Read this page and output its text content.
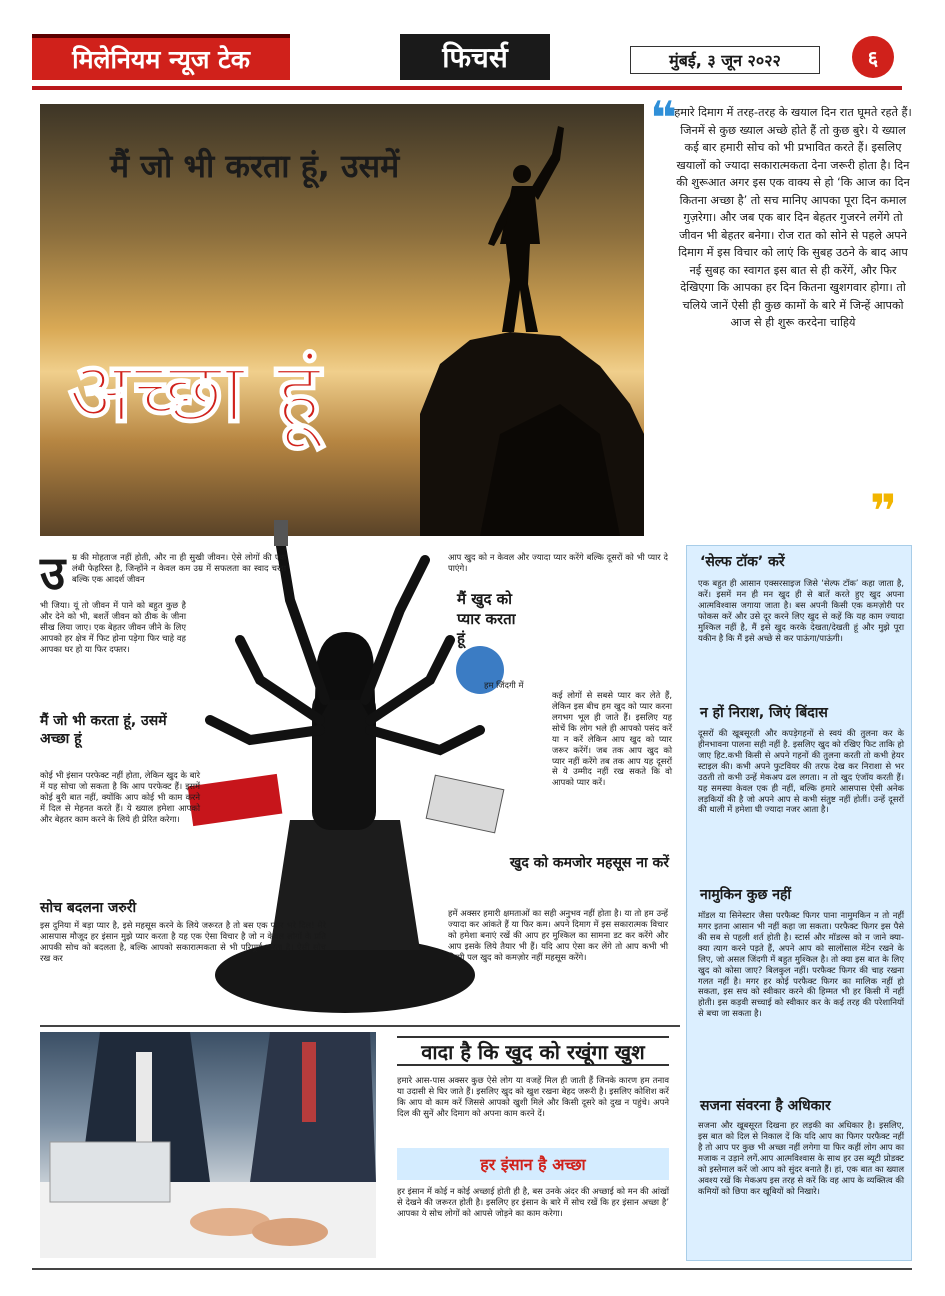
मिलेनियम न्यूज टेक	फिचर्स	मुंबई, ३ जून २०२२	६
मैं जो भी करता हूं, उसमें
अच्छा हूं
❝

हमारे दिमाग में तरह-तरह के खयाल दिन रात घूमते रहते हैं। जिनमें से कुछ ख्याल अच्छे होते हैं तो कुछ बुरे। ये ख्याल कई बार हमारी सोच को भी प्रभावित करते हैं। इसलिए खयालों को ज्यादा सकारात्मकता देना जरूरी होता है। दिन की शुरूआत अगर इस एक वाक्य से हो ‘कि आज का दिन कितना अच्छा है’ तो सच मानिए आपका पूरा दिन कमाल गुज़रेगा। और जब एक बार दिन बेहतर गुजरने लगेंगे तो जीवन भी बेहतर बनेगा। रोज रात को सोने से पहले अपने दिमाग में इस विचार को लाएं कि सुबह उठने के बाद आप नई सुबह का स्वागत इस बात से ही करेंगें, और फिर देखिएगा कि आपका हर दिन कितना खुशगवार होगा। तो चलिये जानें ऐसी ही कुछ कामों के बारे में जिन्हें आपको आज से ही शुरू करदेना चाहिये

❞
उ म्र की मोहताज नहीं होती, और ना ही सुखी जीवन। ऐसे लोगों की एक लंबी फेहरिस्त है, जिन्होंने न केवल कम उम्र में सफलता का स्वाद चखा बल्कि एक आदर्श जीवन

भी जिया। यूं तो जीवन में पाने को बहुत कुछ है और देने को भी, बशर्ते जीवन को ठीक के जीना सीख लिया जाए। एक बेहतर जीवन जीने के लिए आपको हर क्षेत्र में फिट होना पड़ेगा फिर चाहे वह आपका घर हो या फिर दफ्तर।

मैं जो भी करता हूं, उसमें अच्छा हूं

कोई भी इंसान परफेक्ट नहीं होता, लेकिन खुद के बारे में यह सोचा जो सकता है कि आप परफेक्ट हैं। इसमें कोई बुरी बात नहीं, क्योंकि आप कोई भी काम करने में दिल से मेहनत करते हैं। ये ख्याल हमेशा आपको और बेहतर काम करने के लिये ही प्रेरित करेगा।

सोच बदलना जरुरी

इस दुनिया में बड़ा प्यार है, इसे महसूस करने के लिये जरूरत है तो बस एक प्यार भरे दिल! मेरे आसपास मौजूद हर इंसान मुझे प्यार करता है यह एक ऐसा विचार है जो न केवल लोगों के प्रति आपकी सोच को बदलता है, बल्कि आपको सकारात्मकता से भी परिपूर्ण करता है। ऐसी सोच रख कर

आप खुद को न केवल और ज्यादा प्यार करेंगे बल्कि दूसरों को भी प्यार दे पाएंगे।

मैं खुद को प्यार करता हूं

हम जिंदगी में

कई लोगों से सबसे प्यार कर लेते हैं, लेकिन इस बीच हम खुद को प्यार करना लगभग भूल ही जाते हैं। इसलिए यह सोचें कि लोग भले ही आपको पसंद करें या न करें लेकिन आप खुद को प्यार जरूर करेंगें। जब तक आप खुद को प्यार नहीं करेंगे तब तक आप यह दूसरों से ये उम्मीद नहीं रख सकते कि वो आपको प्यार करें।

खुद को कमजोर महसूस ना करें

हमें अक्सर हमारी क्षमताओं का सही अनुभव नहीं होता है। या तो हम उन्हें ज्यादा कर आंकते हैं या फिर कम। अपने दिमाग में इस सकारात्मक विचार को हमेशा बनाएं रखें की आप हर मुश्किल का सामना डट कर करेंगे और आप इसके लिये तैयार भी हैं। यदि आप ऐसा कर लेंगे तो आप कभी भी किसी पल खुद को कमज़ोर नहीं महसूस करेंगे।

‘सेल्फ टॉक’ करें

एक बहुत ही आसान एक्सरसाइज जिसे ‘सेल्फ टॉक’ कहा जाता है, करें। इसमें मन ही मन खुद ही से बातें करते हुए खुद अपना आत्मविश्वास जगाया जाता है। बस अपनी किसी एक कमज़ोरी पर फोकस करें और उसे दूर करने लिए खुद से कहें कि यह काम ज्यादा मुश्किल नहीं है, मैं इसे खुद करके देखता/देखती हूं और मुझे पूरा यकीन है कि मैं इसे अच्छे से कर पाऊंगा/पाऊंगी।

न हों निराश, जिएं बिंदास

दूसरों की खूबसूरती और कपड़ेगहनों से स्वयं की तुलना कर के हीनभावना पालना सही नहीं है. इसलिए खुद को रखिए फिट ताकि हो जाए हिट.कभी किसी से अपने गहनों की तुलना करती तो कभी हेयर स्टाइल की। कभी अपने फुटवियर की तरफ देख कर निराशा से भर उठती तो कभी उन्हें मेकअप ढल लगता। न तो खुद एंजॉय करती हैं। यह समस्या केवल एक ही नहीं, बल्कि हमारे आसपास ऐसी अनेक लड़कियों की है जो अपने आप से कभी संतुष्ट नहीं होतीं। उन्हें दूसरों की थाली में हमेशा घी ज्यादा नजर आता है।

नामुकिन कुछ नहीं

मॉडल या सिनेस्टार जैसा परफैक्ट फिगर पाना नामुमकिन न तो नहीं मगर इतना आसान भी नहीं कहा जा सकता। परफैक्ट फिगर इस पैसे की सब से पहली शर्त होती है। स्टार्स और मॉडल्स को न जाने क्या-क्या त्याग करने पड़ते हैं, अपने आप को सालोंसाल मेंटेन रखने के लिए, जो असल जिंदगी में बहुत मुश्किल है। तो क्या इस बात के लिए खुद को कोसा जाए? बिलकुल नहीं। परफैक्ट फिगर की चाह रखना गलत नहीं है। मगर हर कोई परफैक्ट फिगर का मालिक नहीं हो सकता, इस सच को स्वीकार करने की हिम्मत भी हर किसी में नहीं होती। इस कड़वी सच्चाई को स्वीकार कर के कई तरह की परेशानियों से बचा जा सकता है।

सजना संवरना है अधिकार

सजना और खूबसूरत दिखना हर लड़की का अधिकार है। इसलिए, इस बात को दिल से निकाल दें कि यदि आप का फिगर परफैक्ट नहीं है तो आप पर कुछ भी अच्छा नहीं लगेगा या फिर कहीं लोग आप का मजाक न उड़ाने लगें.आप आत्मविश्वास के साथ हर उस ब्यूटी प्रोडक्ट को इस्तेमाल करें जो आप को सुंदर बनाते हैं। हां, एक बात का ख्याल अवश्य रखें कि मेकअप इस तरह से करें कि वह आप के व्यक्तित्व की कमियों को छिपा कर खूबियों को निखारे।

वादा है कि खुद को रखूंगा खुश

हमारे आस-पास अक्सर कुछ ऐसे लोग या वजहें मिल ही जाती हैं जिनके कारण हम तनाव या उदासी से घिर जाते हैं। इसलिए खुद को खुश रखना बेहद जरूरी है। इसलिए कोशिश करें कि आप वो काम करें जिससे आपको खुशी मिले और किसी दूसरे को दुख न पहुंचे। अपने दिल की सुनें और दिमाग को अपना काम करने दें।

हर इंसान है अच्छा

हर इंसान में कोई न कोई अच्छाई होती ही है, बस उनके अंदर की अच्छाई को मन की आंखों से देखने की जरूरत होती है। इसलिए हर इंसान के बारे में सोच रखें कि हर इंसान अच्छा है’ आपका ये सोच लोगों को आपसे जोड़ने का काम करेगा।
